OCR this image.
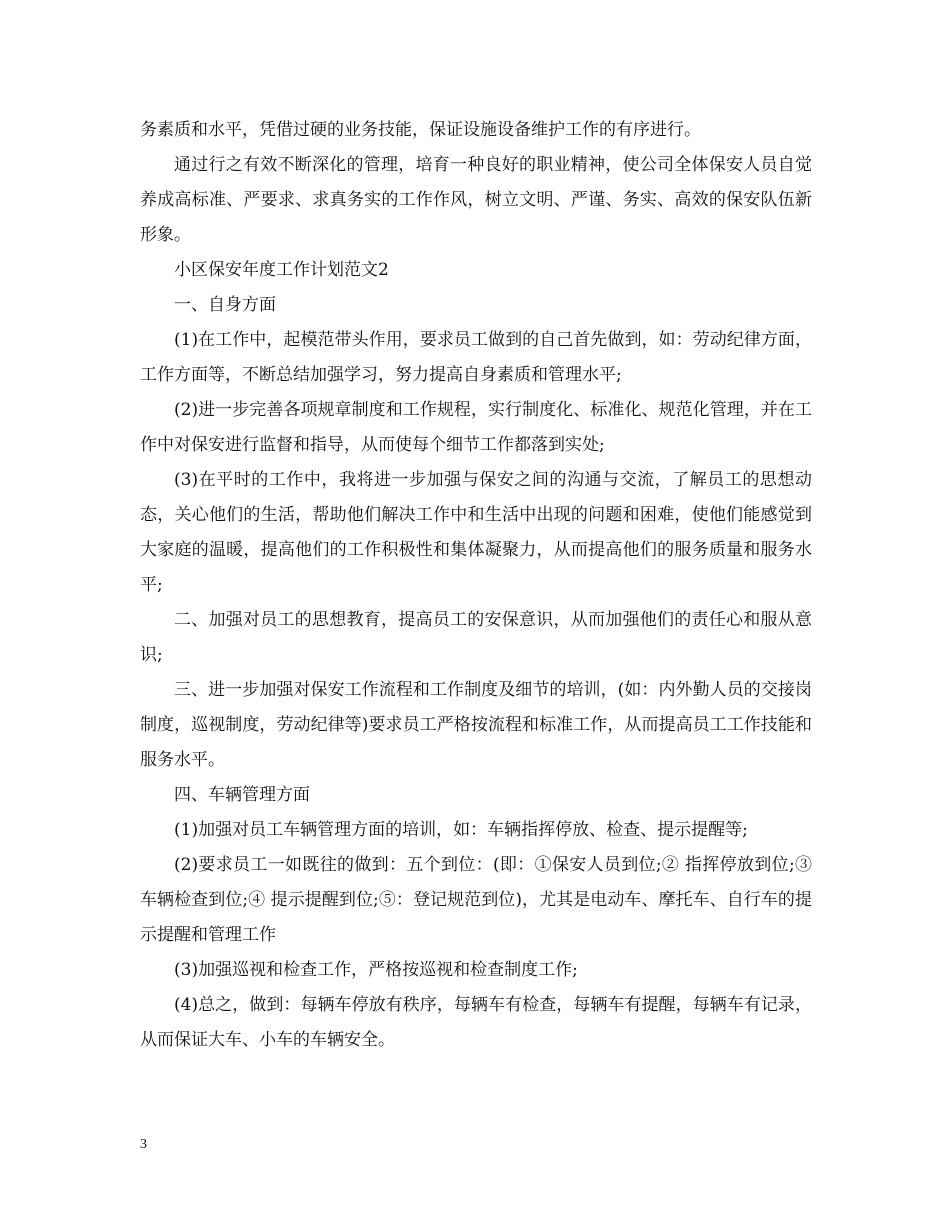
务素质和水平，凭借过硬的业务技能，保证设施设备维护工作的有序进行。

通过行之有效不断深化的管理，培育一种良好的职业精神，使公司全体保安人员自觉养成高标准、严要求、求真务实的工作作风，树立文明、严谨、务实、高效的保安队伍新形象。

小区保安年度工作计划范文2

一、自身方面

(1)在工作中，起模范带头作用，要求员工做到的自己首先做到，如：劳动纪律方面，工作方面等，不断总结加强学习，努力提高自身素质和管理水平;

(2)进一步完善各项规章制度和工作规程，实行制度化、标准化、规范化管理，并在工作中对保安进行监督和指导，从而使每个细节工作都落到实处;

(3)在平时的工作中，我将进一步加强与保安之间的沟通与交流，了解员工的思想动态，关心他们的生活，帮助他们解决工作中和生活中出现的问题和困难，使他们能感觉到大家庭的温暖，提高他们的工作积极性和集体凝聚力，从而提高他们的服务质量和服务水平;

二、加强对员工的思想教育，提高员工的安保意识，从而加强他们的责任心和服从意识;

三、进一步加强对保安工作流程和工作制度及细节的培训，(如：内外勤人员的交接岗制度，巡视制度，劳动纪律等)要求员工严格按流程和标准工作，从而提高员工工作技能和服务水平。

四、车辆管理方面

(1)加强对员工车辆管理方面的培训，如：车辆指挥停放、检查、提示提醒等;

(2)要求员工一如既往的做到：五个到位：(即：①保安人员到位;② 指挥停放到位;③ 车辆检查到位;④ 提示提醒到位;⑤：登记规范到位)，尤其是电动车、摩托车、自行车的提示提醒和管理工作

(3)加强巡视和检查工作，严格按巡视和检查制度工作;

(4)总之，做到：每辆车停放有秩序，每辆车有检查，每辆车有提醒，每辆车有记录，从而保证大车、小车的车辆安全。

3
